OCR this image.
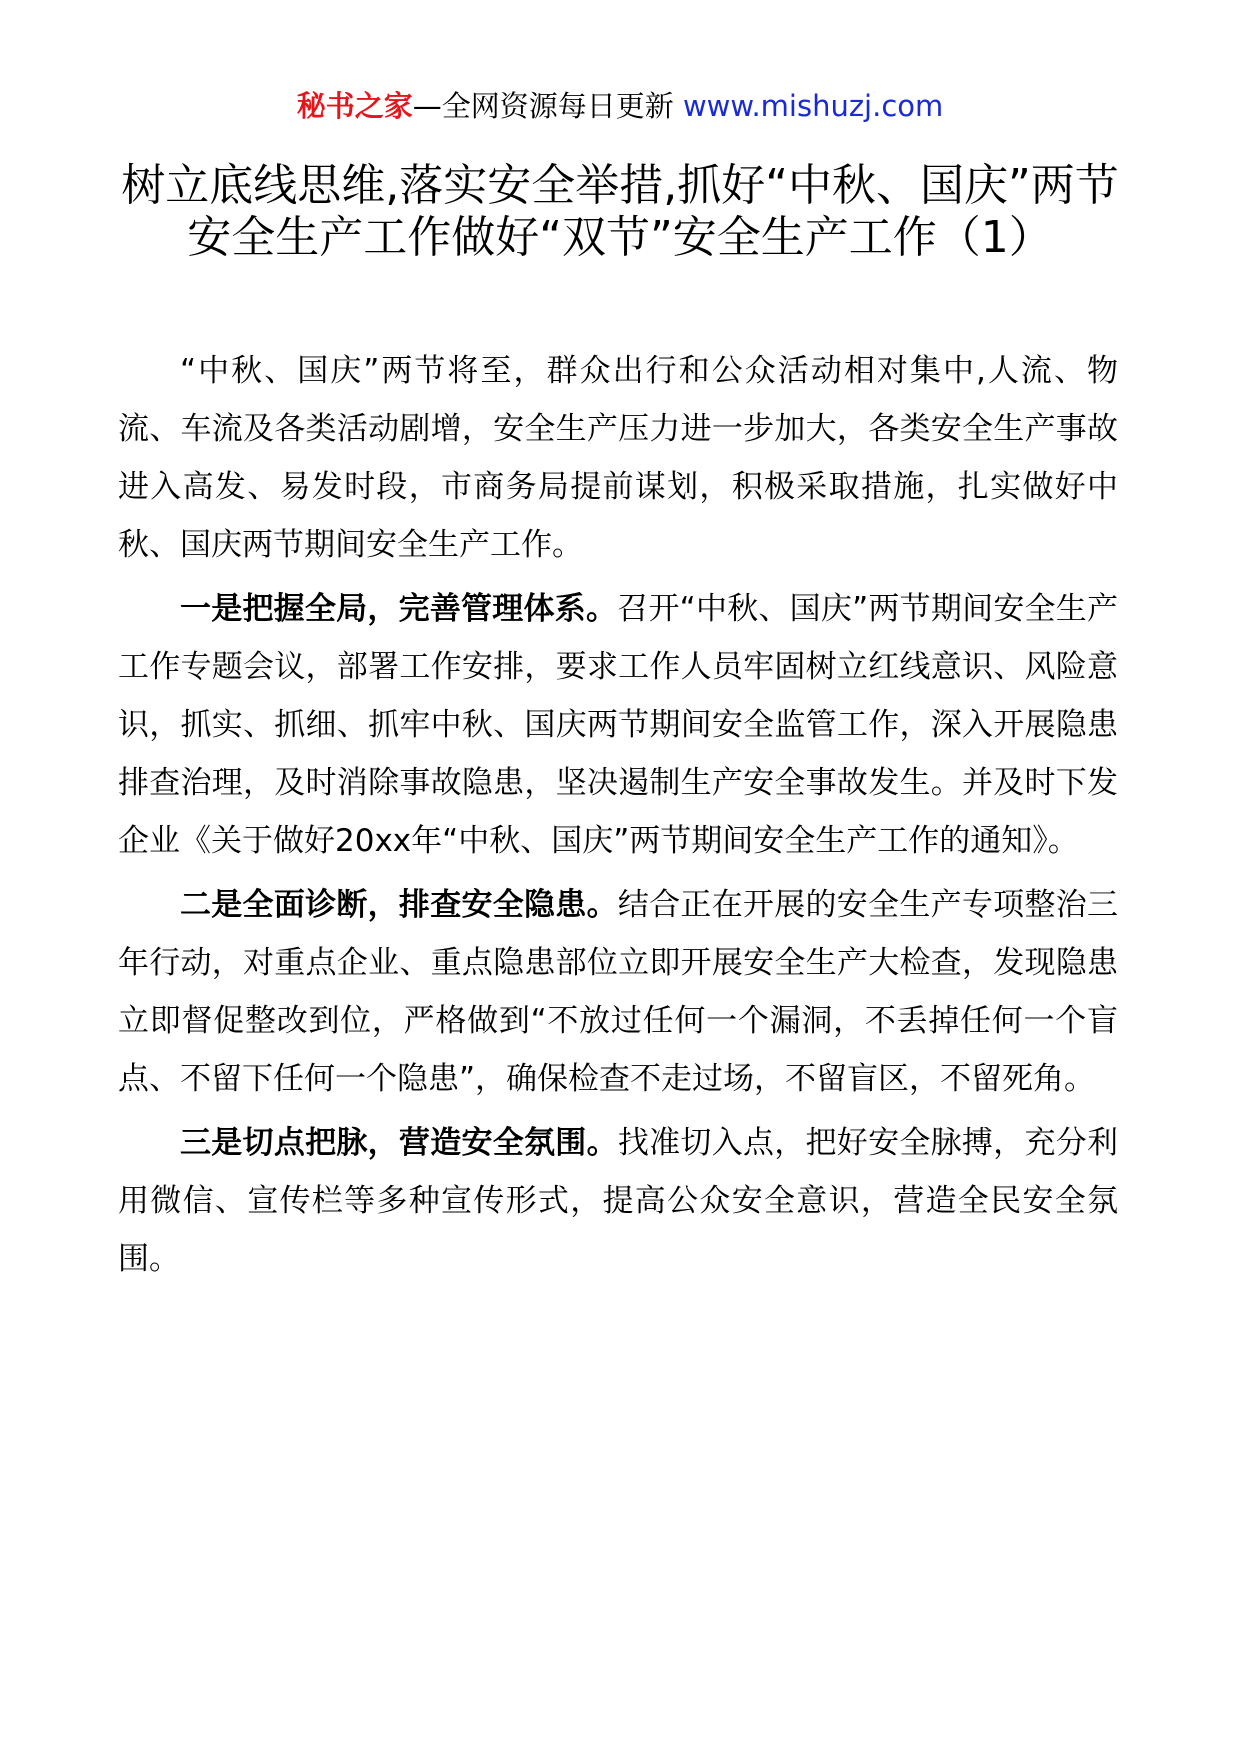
秘书之家—全网资源每日更新 www.mishuzj.com
树立底线思维,落实安全举措,抓好“中秋、国庆”两节安全生产工作做好“双节”安全生产工作（1）

“中秋、国庆”两节将至，群众出行和公众活动相对集中,人流、物流、车流及各类活动剧增，安全生产压力进一步加大，各类安全生产事故进入高发、易发时段，市商务局提前谋划，积极采取措施，扎实做好中秋、国庆两节期间安全生产工作。

一是把握全局，完善管理体系。召开“中秋、国庆”两节期间安全生产工作专题会议，部署工作安排，要求工作人员牢固树立红线意识、风险意识，抓实、抓细、抓牢中秋、国庆两节期间安全监管工作，深入开展隐患排查治理，及时消除事故隐患，坚决遏制生产安全事故发生。并及时下发企业《关于做好20xx年“中秋、国庆”两节期间安全生产工作的通知》。

二是全面诊断，排查安全隐患。结合正在开展的安全生产专项整治三年行动，对重点企业、重点隐患部位立即开展安全生产大检查，发现隐患立即督促整改到位，严格做到“不放过任何一个漏洞，不丢掉任何一个盲点、不留下任何一个隐患”，确保检查不走过场，不留盲区，不留死角。

三是切点把脉，营造安全氛围。找准切入点，把好安全脉搏，充分利用微信、宣传栏等多种宣传形式，提高公众安全意识，营造全民安全氛围。
